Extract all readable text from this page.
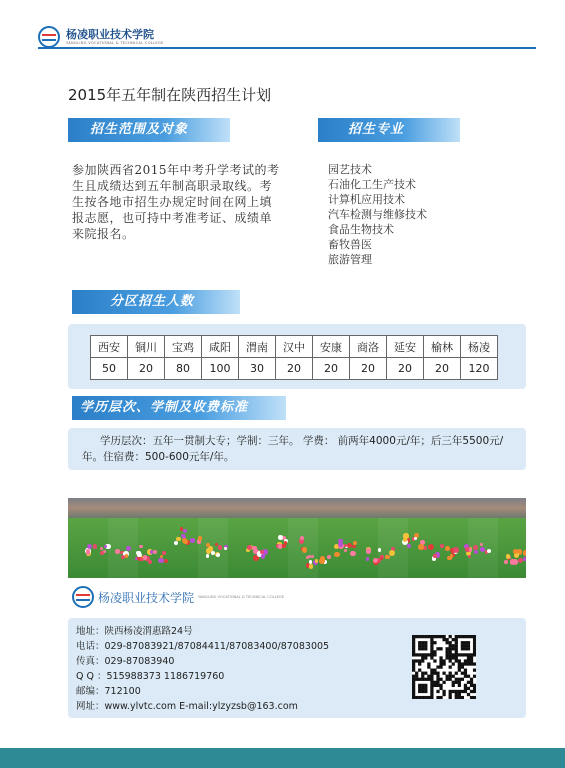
杨凌职业技术学院
YANGLING VOCATIONAL & TECHNICAL COLLEGE
2015年五年制在陕西招生计划
招生范围及对象
参加陕西省2015年中考升学考试的考生且成绩达到五年制高职录取线。考生按各地市招生办规定时间在网上填报志愿，也可持中考准考证、成绩单来院报名。
招生专业
园艺技术
石油化工生产技术
计算机应用技术
汽车检测与维修技术
食品生物技术
畜牧兽医
旅游管理
分区招生人数
西安	铜川	宝鸡	咸阳	渭南	汉中	安康	商洛	延安	榆林	杨凌
50	20	80	100	30	20	20	20	20	20	120
学历层次、学制及收费标准
学历层次：五年一贯制大专；学制：三年。 学费： 前两年4000元/年；后三年5500元/年。住宿费：500-600元年/年。
杨凌职业技术学院 YANGLING VOCATIONAL & TECHNICAL COLLEGE
地址：陕西杨凌渭惠路24号
电话：029-87083921/87084411/87083400/87083005
传真：029-87083940
Q Q ：515988373 1186719760
邮编：712100
网址：www.ylvtc.com E-mail:ylzyzsb@163.com
